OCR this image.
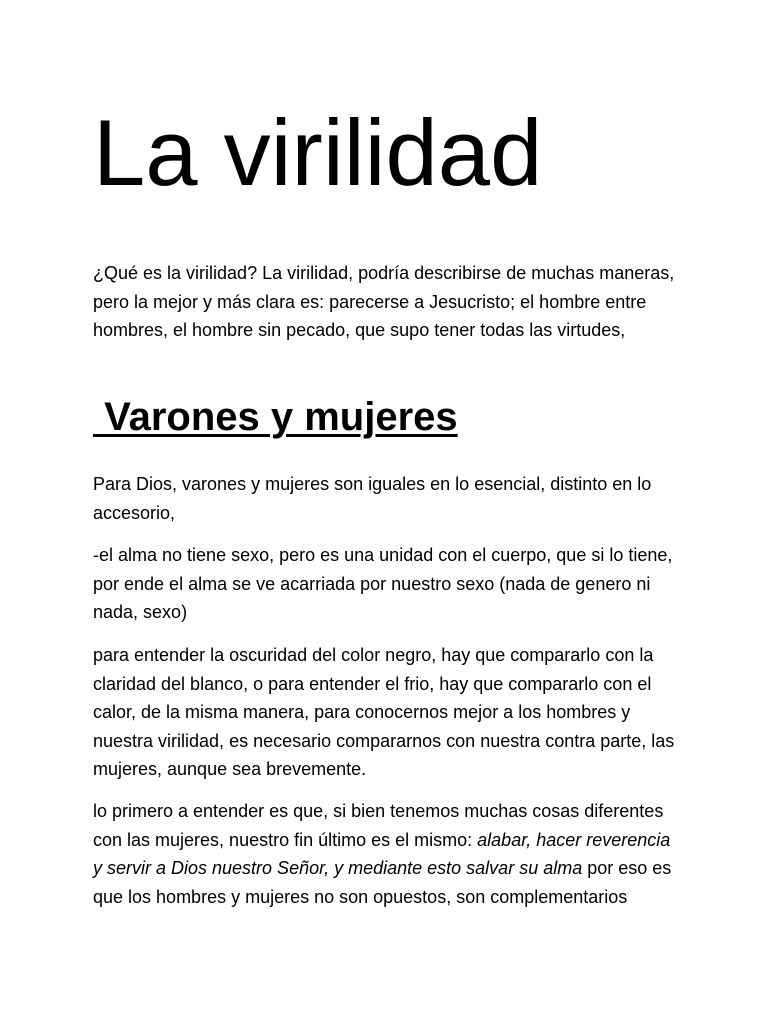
La virilidad

¿Qué es la virilidad? La virilidad, podría describirse de muchas maneras, pero la mejor y más clara es: parecerse a Jesucristo; el hombre entre hombres, el hombre sin pecado, que supo tener todas las virtudes,

Varones y mujeres

Para Dios, varones y mujeres son iguales en lo esencial, distinto en lo accesorio,

-el alma no tiene sexo, pero es una unidad con el cuerpo, que si lo tiene, por ende el alma se ve acarriada por nuestro sexo (nada de genero ni nada, sexo)

para entender la oscuridad del color negro, hay que compararlo con la claridad del blanco, o para entender el frio, hay que compararlo con el calor, de la misma manera, para conocernos mejor a los hombres y nuestra virilidad, es necesario compararnos con nuestra contra parte, las mujeres, aunque sea brevemente.

lo primero a entender es que, si bien tenemos muchas cosas diferentes con las mujeres, nuestro fin último es el mismo: alabar, hacer reverencia y servir a Dios nuestro Señor, y mediante esto salvar su alma por eso es que los hombres y mujeres no son opuestos, son complementarios
